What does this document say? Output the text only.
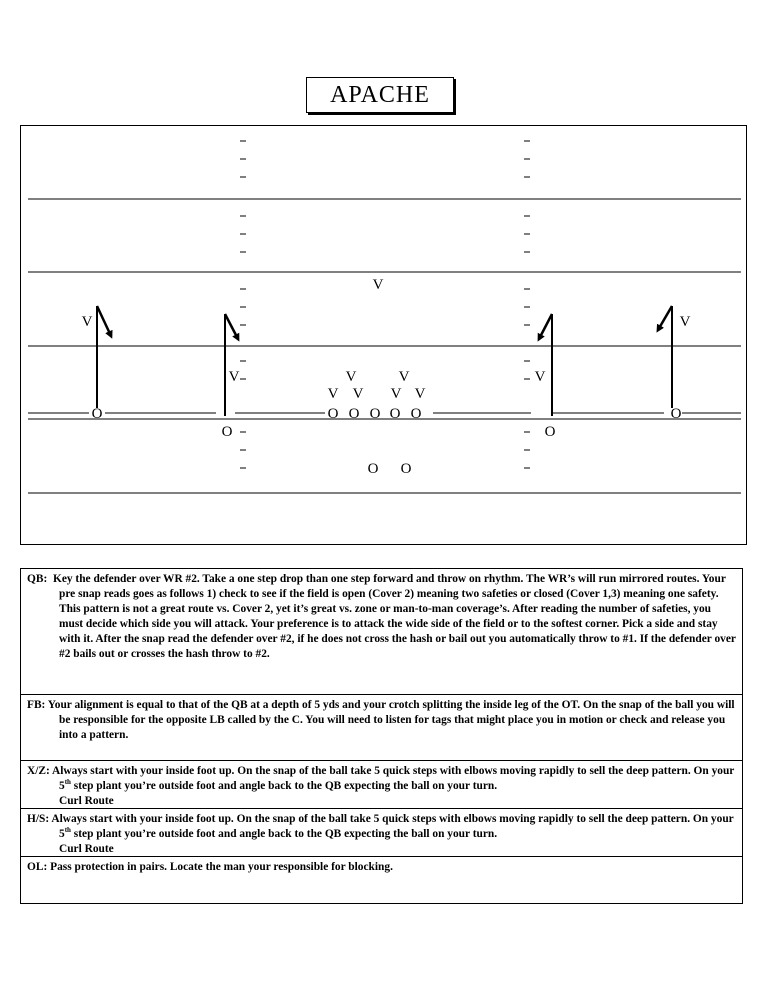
APACHE
O
O
O O O O O
O
O
O O
V
V	V
V	V
V	V
V V V V

QB: Key the defender over WR #2. Take a one step drop than one step forward and throw on rhythm. The WR’s will run mirrored routes. Your pre snap reads goes as follows 1) check to see if the field is open (Cover 2) meaning two safeties or closed (Cover 1,3) meaning one safety. This pattern is not a great route vs. Cover 2, yet it’s great vs. zone or man-to-man coverage’s. After reading the number of safeties, you must decide which side you will attack. Your preference is to attack the wide side of the field or to the softest corner. Pick a side and stay with it. After the snap read the defender over #2, if he does not cross the hash or bail out you automatically throw to #1. If the defender over #2 bails out or crosses the hash throw to #2.

FB: Your alignment is equal to that of the QB at a depth of 5 yds and your crotch splitting the inside leg of the OT. On the snap of the ball you will be responsible for the opposite LB called by the C. You will need to listen for tags that might place you in motion or check and release you into a pattern.

X/Z: Always start with your inside foot up. On the snap of the ball take 5 quick steps with elbows moving rapidly to sell the deep pattern. On your 5th step plant you’re outside foot and angle back to the QB expecting the ball on your turn.

Curl Route

H/S: Always start with your inside foot up. On the snap of the ball take 5 quick steps with elbows moving rapidly to sell the deep pattern. On your 5th step plant you’re outside foot and angle back to the QB expecting the ball on your turn.

Curl Route

OL: Pass protection in pairs. Locate the man your responsible for blocking.
